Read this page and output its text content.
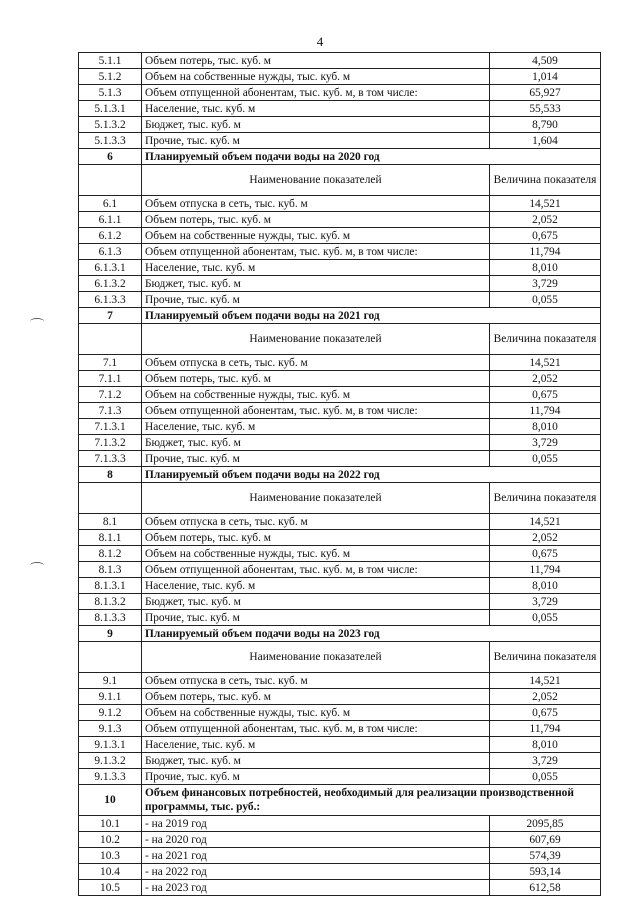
4
5.1.1	Объем потерь, тыс. куб. м	4,509
5.1.2	Объем на собственные нужды, тыс. куб. м	1,014
5.1.3	Объем отпущенной абонентам, тыс. куб. м, в том числе:	65,927
5.1.3.1	Население, тыс. куб. м	55,533
5.1.3.2	Бюджет, тыс. куб. м	8,790
5.1.3.3	Прочие, тыс. куб. м	1,604
6	Планируемый объем подачи воды на 2020 год	
	Наименование показателей	Величина показателя
6.1	Объем отпуска в сеть, тыс. куб. м	14,521
6.1.1	Объем потерь, тыс. куб. м	2,052
6.1.2	Объем на собственные нужды, тыс. куб. м	0,675
6.1.3	Объем отпущенной абонентам, тыс. куб. м, в том числе:	11,794
6.1.3.1	Население, тыс. куб. м	8,010
6.1.3.2	Бюджет, тыс. куб. м	3,729
6.1.3.3	Прочие, тыс. куб. м	0,055
7	Планируемый объем подачи воды на 2021 год	
	Наименование показателей	Величина показателя
7.1	Объем отпуска в сеть, тыс. куб. м	14,521
7.1.1	Объем потерь, тыс. куб. м	2,052
7.1.2	Объем на собственные нужды, тыс. куб. м	0,675
7.1.3	Объем отпущенной абонентам, тыс. куб. м, в том числе:	11,794
7.1.3.1	Население, тыс. куб. м	8,010
7.1.3.2	Бюджет, тыс. куб. м	3,729
7.1.3.3	Прочие, тыс. куб. м	0,055
8	Планируемый объем подачи воды на 2022 год	
	Наименование показателей	Величина показателя
8.1	Объем отпуска в сеть, тыс. куб. м	14,521
8.1.1	Объем потерь, тыс. куб. м	2,052
8.1.2	Объем на собственные нужды, тыс. куб. м	0,675
8.1.3	Объем отпущенной абонентам, тыс. куб. м, в том числе:	11,794
8.1.3.1	Население, тыс. куб. м	8,010
8.1.3.2	Бюджет, тыс. куб. м	3,729
8.1.3.3	Прочие, тыс. куб. м	0,055
9	Планируемый объем подачи воды на 2023 год	
	Наименование показателей	Величина показателя
9.1	Объем отпуска в сеть, тыс. куб. м	14,521
9.1.1	Объем потерь, тыс. куб. м	2,052
9.1.2	Объем на собственные нужды, тыс. куб. м	0,675
9.1.3	Объем отпущенной абонентам, тыс. куб. м, в том числе:	11,794
9.1.3.1	Население, тыс. куб. м	8,010
9.1.3.2	Бюджет, тыс. куб. м	3,729
9.1.3.3	Прочие, тыс. куб. м	0,055
10	Объем финансовых потребностей, необходимый для реализации производственной программы, тыс. руб.:	
10.1	- на 2019 год	2095,85
10.2	- на 2020 год	607,69
10.3	- на 2021 год	574,39
10.4	- на 2022 год	593,14
10.5	- на 2023 год	612,58
